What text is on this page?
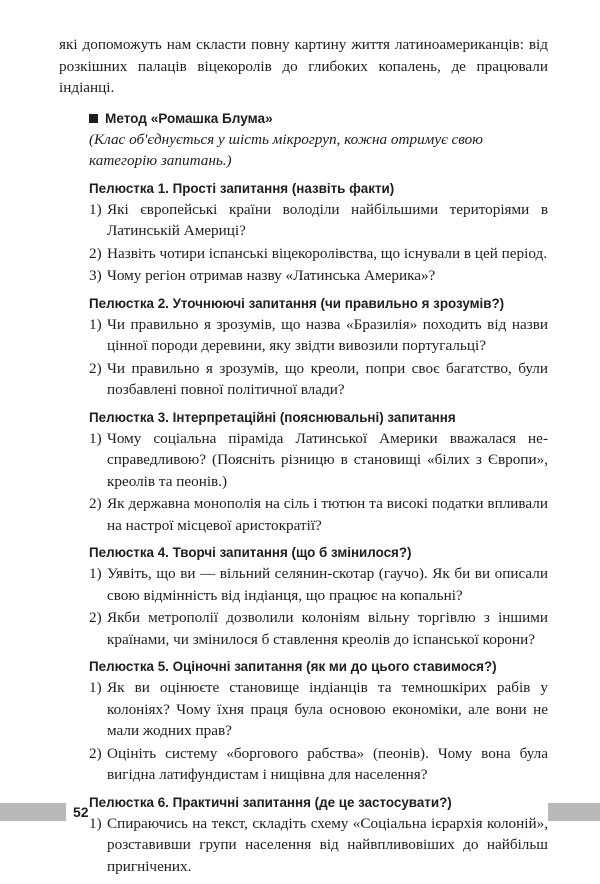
які допоможуть нам скласти повну картину життя латиноамериканців: від розкішних палаців віцекоролів до глибоких копалень, де працювали індіанці.

Метод «Ромашка Блума»
(Клас об'єднується у шість мікрогруп, кожна отримує свою категорію запитань.)
Пелюстка 1. Прості запитання (назвіть факти)
1) Які європейські країни володіли найбільшими територіями в Латинській Америці?
2) Назвіть чотири іспанські віцекоролівства, що існували в цей період.
3) Чому регіон отримав назву «Латинська Америка»?
Пелюстка 2. Уточнюючі запитання (чи правильно я зрозумів?)
1) Чи правильно я зрозумів, що назва «Бразилія» походить від назви цінної породи деревини, яку звідти вивозили португальці?
2) Чи правильно я зрозумів, що креоли, попри своє багатство, були позбавлені повної політичної влади?
Пелюстка 3. Інтерпретаційні (пояснювальні) запитання
1) Чому соціальна піраміда Латинської Америки вважалася несправедливою? (Поясніть різницю в становищі «білих з Європи», креолів та пеонів.)
2) Як державна монополія на сіль і тютюн та високі податки впливали на настрої місцевої аристократії?
Пелюстка 4. Творчі запитання (що б змінилося?)
1) Уявіть, що ви — вільний селянин-скотар (гаучо). Як би ви описали свою відмінність від індіанця, що працює на копальні?
2) Якби метрополії дозволили колоніям вільну торгівлю з іншими країнами, чи змінилося б ставлення креолів до іспанської корони?
Пелюстка 5. Оціночні запитання (як ми до цього ставимося?)
1) Як ви оцінюєте становище індіанців та темношкірих рабів у колоніях? Чому їхня праця була основою економіки, але вони не мали жодних прав?
2) Оцініть систему «боргового рабства» (пеонів). Чому вона була вигідна латифундистам і нищівна для населення?
Пелюстка 6. Практичні запитання (де це застосувати?)
1) Спираючись на текст, складіть схему «Соціальна ієрархія колоній», розставивши групи населення від найвпливовіших до найбільш пригнічених.
52
